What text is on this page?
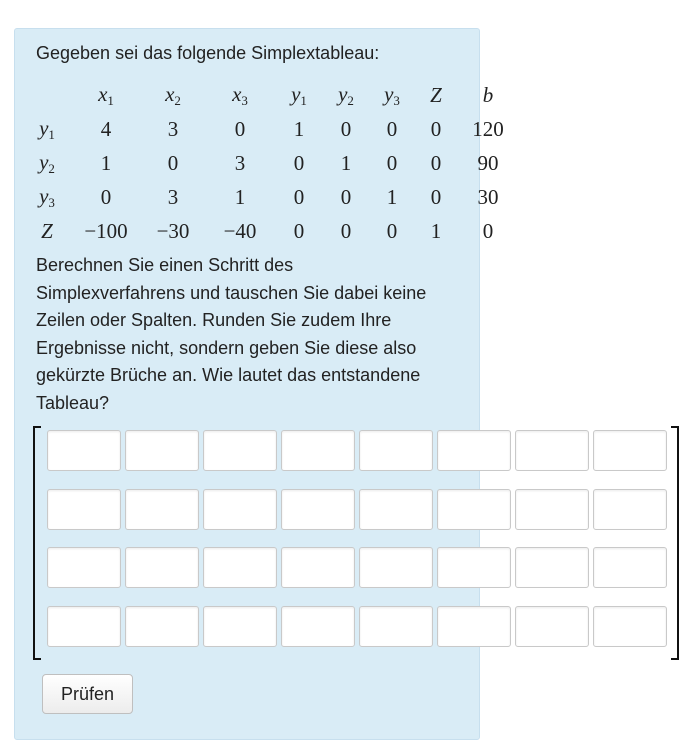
Gegeben sei das folgende Simplextableau:

	$x_1$	$x_2$	$x_3$	$y_1$	$y_2$	$y_3$	Z	b
$y_1$	4	3	0	1	0	0	0	120
$y_2$	1	0	3	0	1	0	0	90
$y_3$	0	3	1	0	0	1	0	30
Z	−100	−30	−40	0	0	0	1	0

Berechnen Sie einen Schritt des Simplexverfahrens und tauschen Sie dabei keine Zeilen oder Spalten. Runden Sie zudem Ihre Ergebnisse nicht, sondern geben Sie diese also gekürzte Brüche an. Wie lautet das entstandene Tableau?

Prüfen
